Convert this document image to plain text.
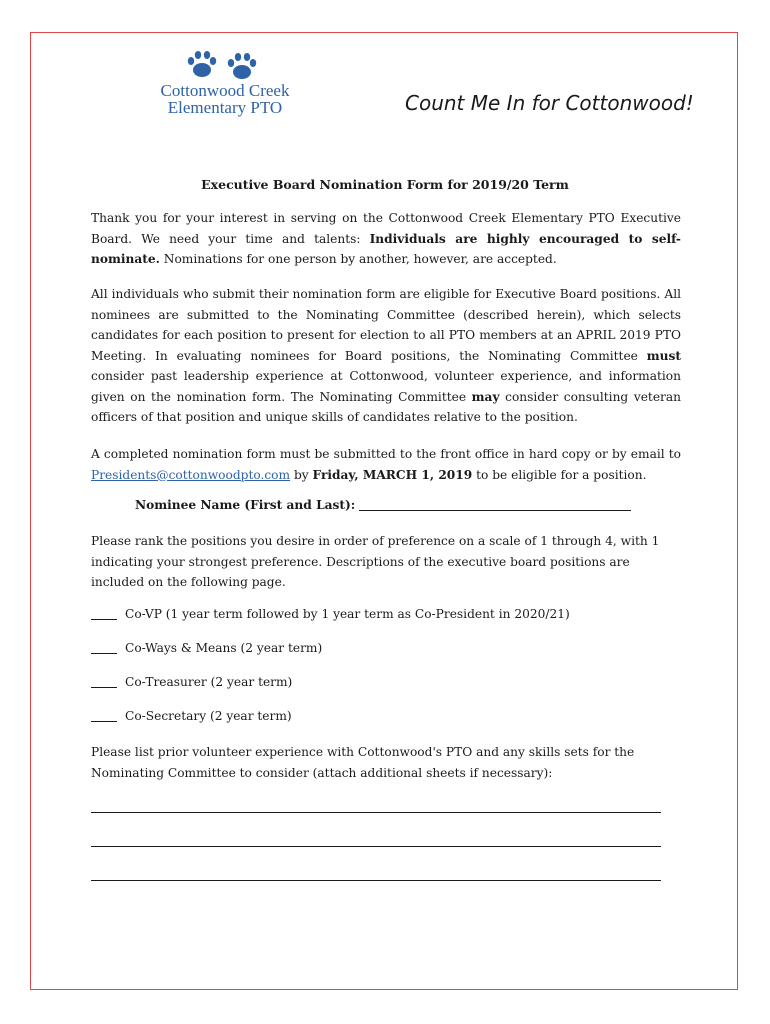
Cottonwood Creek
Elementary PTO	Count Me In for Cottonwood!
Executive Board Nomination Form for 2019/20 Term
Thank you for your interest in serving on the Cottonwood Creek Elementary PTO Executive Board. We need your time and talents: Individuals are highly encouraged to self-nominate. Nominations for one person by another, however, are accepted.
All individuals who submit their nomination form are eligible for Executive Board positions. All nominees are submitted to the Nominating Committee (described herein), which selects candidates for each position to present for election to all PTO members at an APRIL 2019 PTO Meeting. In evaluating nominees for Board positions, the Nominating Committee must consider past leadership experience at Cottonwood, volunteer experience, and information given on the nomination form. The Nominating Committee may consider consulting veteran officers of that position and unique skills of candidates relative to the position.
A completed nomination form must be submitted to the front office in hard copy or by email to Presidents@cottonwoodpto.com by Friday, MARCH 1, 2019 to be eligible for a position.
Nominee Name (First and Last):
Please rank the positions you desire in order of preference on a scale of 1 through 4, with 1 indicating your strongest preference. Descriptions of the executive board positions are included on the following page.
Co-VP (1 year term followed by 1 year term as Co-President in 2020/21)
Co-Ways & Means (2 year term)
Co-Treasurer (2 year term)
Co-Secretary (2 year term)
Please list prior volunteer experience with Cottonwood's PTO and any skills sets for the Nominating Committee to consider (attach additional sheets if necessary):
